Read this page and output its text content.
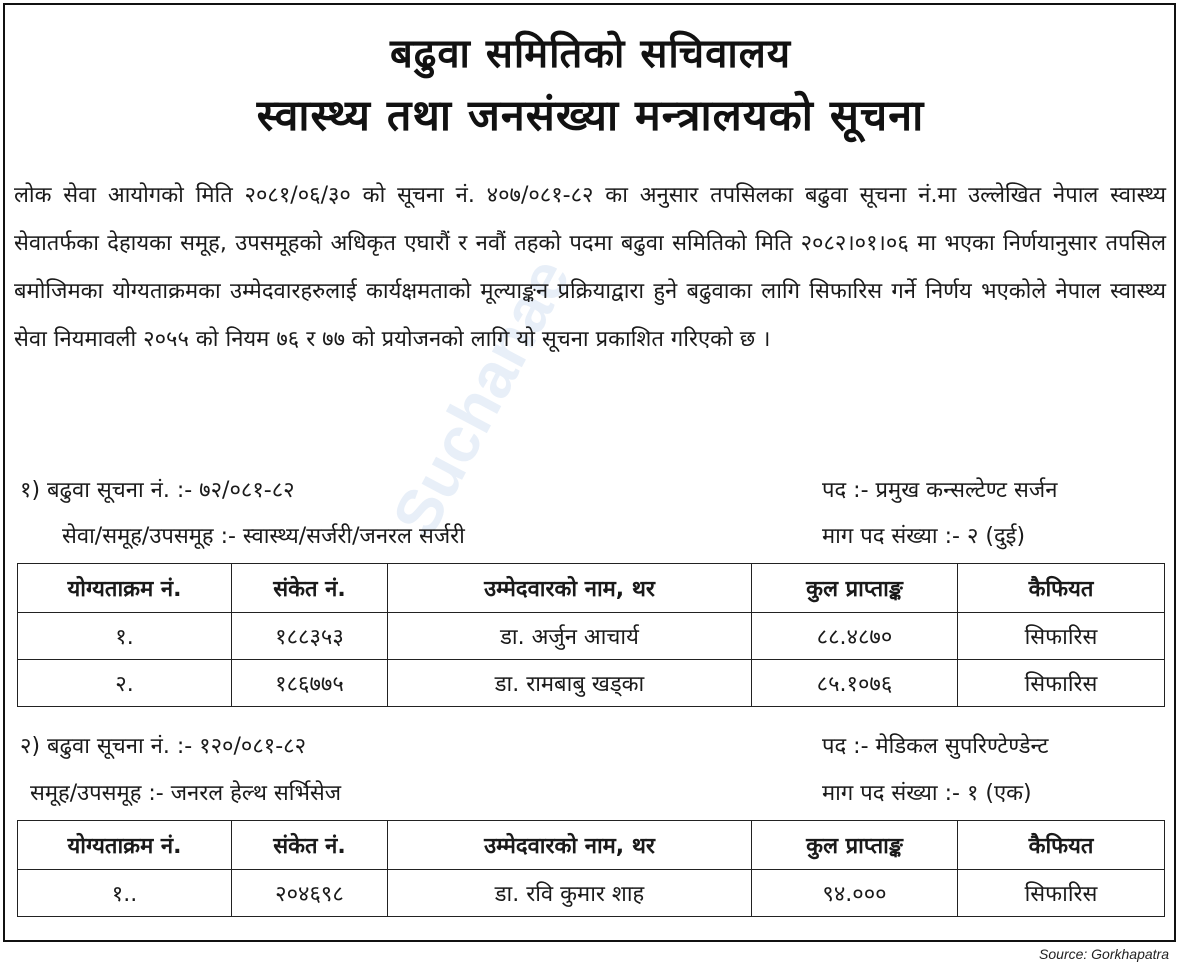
Suchanae
बढुवा समितिको सचिवालय
स्वास्थ्य तथा जनसंख्या मन्त्रालयको सूचना
लोक सेवा आयोगको मिति २०८१/०६/३० को सूचना नं. ४०७/०८१-८२ का अनुसार तपसिलका बढुवा सूचना नं.मा उल्लेखित नेपाल स्वास्थ्य सेवातर्फका देहायका समूह, उपसमूहको अधिकृत एघारौं र नवौं तहको पदमा बढुवा समितिको मिति २०८२।०१।०६ मा भएका निर्णयानुसार तपसिल बमोजिमका योग्यताक्रमका उम्मेदवारहरुलाई कार्यक्षमताको मूल्याङ्कन प्रक्रियाद्वारा हुने बढुवाका लागि सिफारिस गर्ने निर्णय भएकोले नेपाल स्वास्थ्य सेवा नियमावली २०५५ को नियम ७६ र ७७ को प्रयोजनको लागि यो सूचना प्रकाशित गरिएको छ ।
१) बढुवा सूचना नं. :- ७२/०८१-८२	पद :- प्रमुख कन्सल्टेण्ट सर्जन
सेवा/समूह/उपसमूह :- स्वास्थ्य/सर्जरी/जनरल सर्जरी	माग पद संख्या :- २ (दुई)
योग्यताक्रम नं.	संकेत नं.	उम्मेदवारको नाम, थर	कुल प्राप्ताङ्क	कैफियत
१.	१८८३५३	डा. अर्जुन आचार्य	८८.४८७०	सिफारिस
२.	१८६७७५	डा. रामबाबु खड्का	८५.१०७६	सिफारिस
२) बढुवा सूचना नं. :- १२०/०८१-८२	पद :- मेडिकल सुपरिण्टेण्डेन्ट
समूह/उपसमूह :- जनरल हेल्थ सर्भिसेज	माग पद संख्या :- १ (एक)
योग्यताक्रम नं.	संकेत नं.	उम्मेदवारको नाम, थर	कुल प्राप्ताङ्क	कैफियत
१..	२०४६९८	डा. रवि कुमार शाह	९४.०००	सिफारिस
Source: Gorkhapatra
